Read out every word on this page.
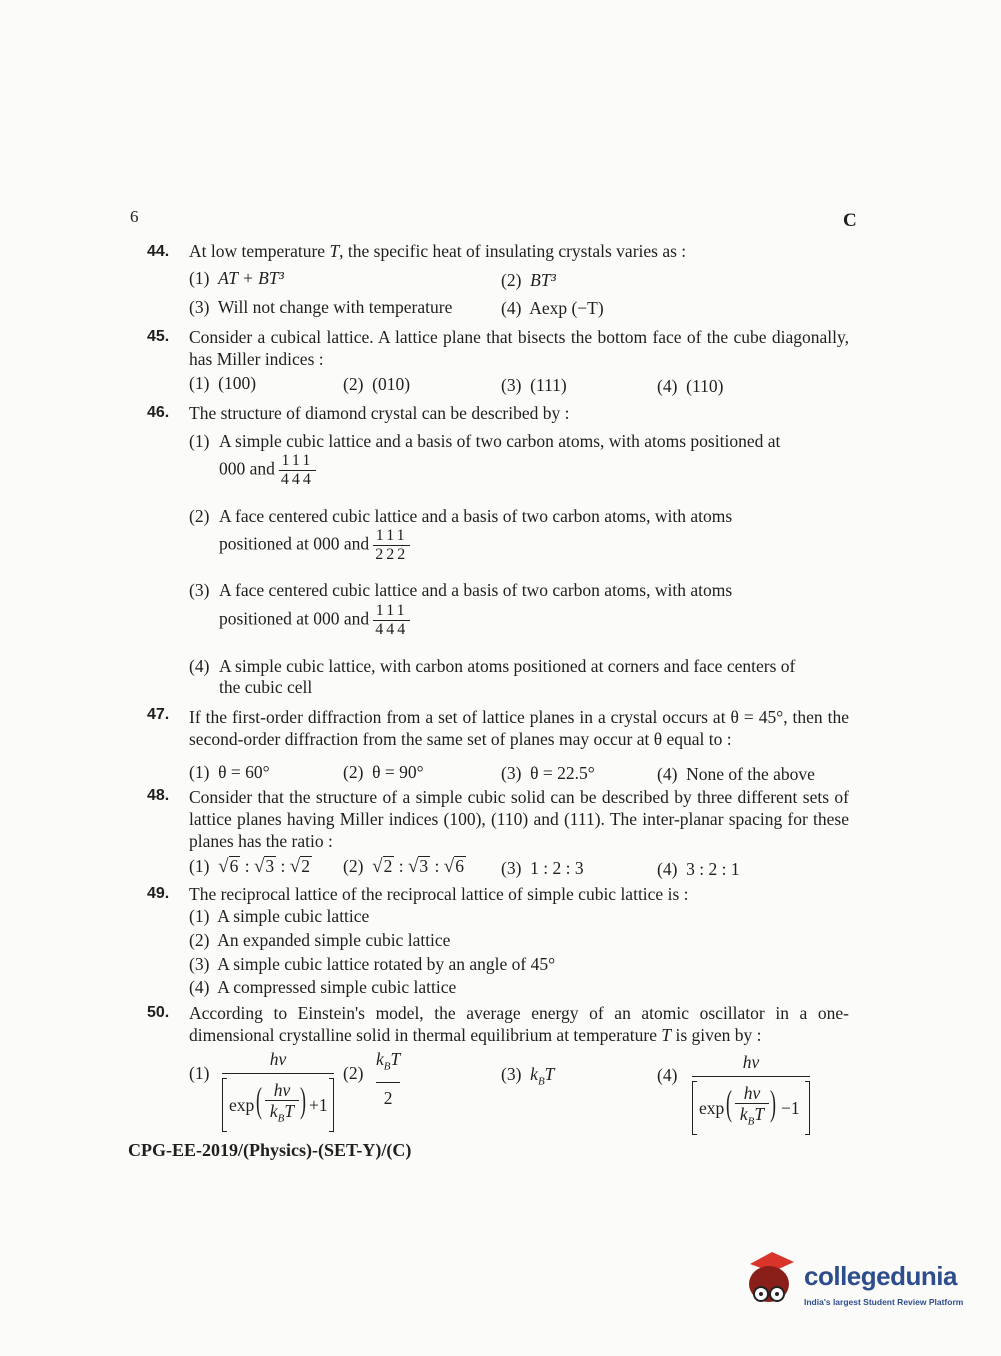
6	C
44. At low temperature T, the specific heat of insulating crystals varies as :
(1) AT + BT³	(2) BT³
(3) Will not change with temperature	(4) Aexp (−T)
45. Consider a cubical lattice. A lattice plane that bisects the bottom face of the cube diagonally, has Miller indices :
(1) (100)	(2) (010)	(3) (111)	(4) (110)
46. The structure of diamond crystal can be described by :
(1) A simple cubic lattice and a basis of two carbon atoms, with atoms positioned at
000 and $\frac{111}{444}$
(2) A face centered cubic lattice and a basis of two carbon atoms, with atoms
positioned at 000 and $\frac{111}{222}$
(3) A face centered cubic lattice and a basis of two carbon atoms, with atoms
positioned at 000 and $\frac{111}{444}$
(4) A simple cubic lattice, with carbon atoms positioned at corners and face centers of
the cubic cell
47. If the first-order diffraction from a set of lattice planes in a crystal occurs at θ = 45°, then the second-order diffraction from the same set of planes may occur at θ equal to :
(1) θ = 60°	(2) θ = 90°	(3) θ = 22.5°	(4) None of the above
48. Consider that the structure of a simple cubic solid can be described by three different sets of lattice planes having Miller indices (100), (110) and (111). The inter-planar spacing for these planes has the ratio :
(1) √6 : √3 : √2 (2) √2 : √3 : √6 (3) 1 : 2 : 3	(4) 3 : 2 : 1
49. The reciprocal lattice of the reciprocal lattice of simple cubic lattice is :
(1) A simple cubic lattice
(2) An expanded simple cubic lattice
(3) A simple cubic lattice rotated by an angle of 45°
(4) A compressed simple cubic lattice
50. According to Einstein's model, the average energy of an atomic oscillator in a one-dimensional crystalline solid in thermal equilibrium at temperature T is given by :
(1)
hv
exp ( hv
$k_BT$ ) +1
(2)
$k_BT$
2
(3) $k_BT$	(4)
hv
exp ( hv
$k_BT$ ) −1
CPG-EE-2019/(Physics)-(SET-Y)/(C)
collegedunia
India's largest Student Review Platform
